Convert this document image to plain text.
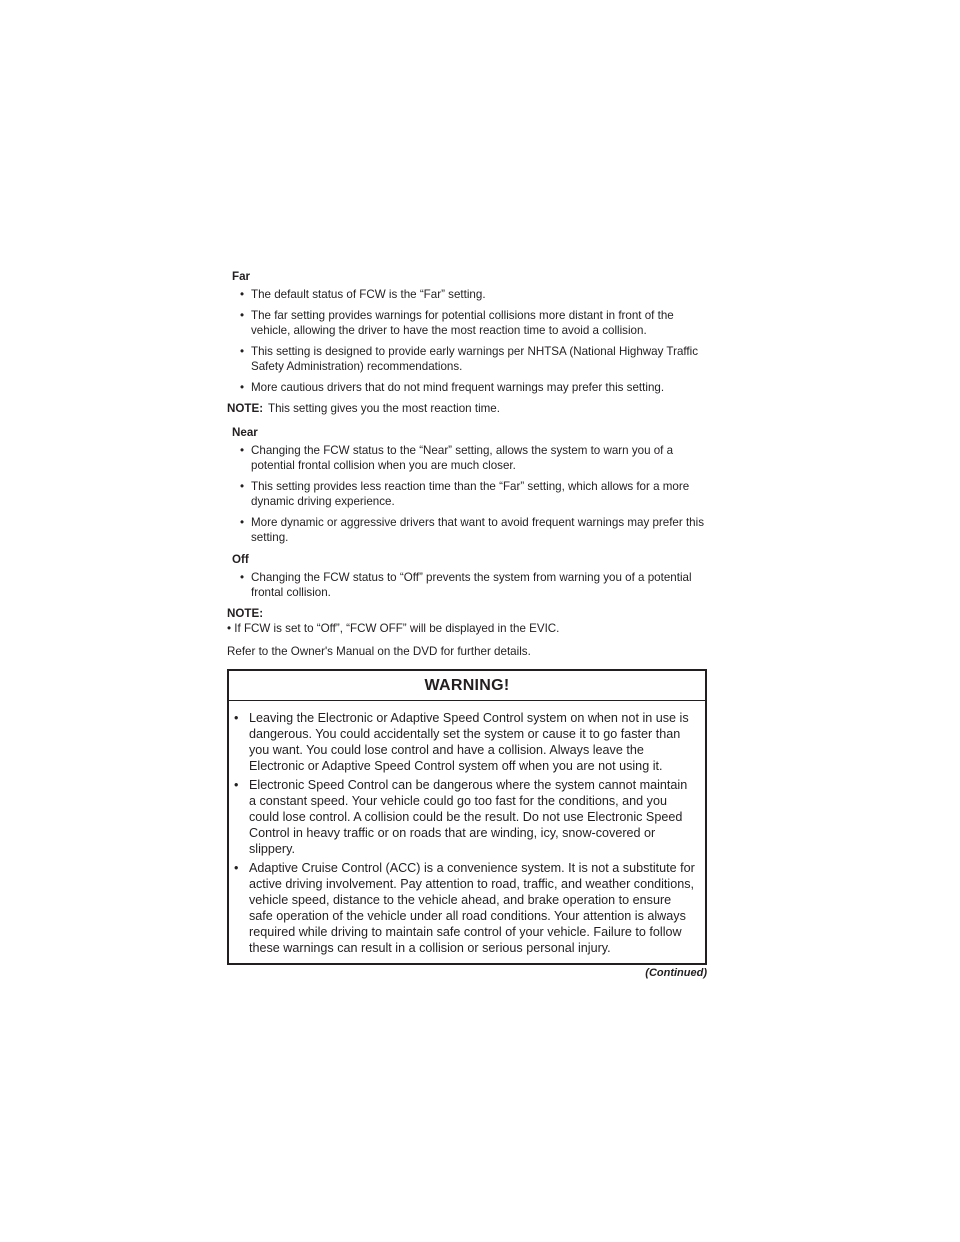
Far
• The default status of FCW is the “Far” setting.
• The far setting provides warnings for potential collisions more distant in front of the vehicle, allowing the driver to have the most reaction time to avoid a collision.
• This setting is designed to provide early warnings per NHTSA (National Highway Traffic Safety Administration) recommendations.
• More cautious drivers that do not mind frequent warnings may prefer this setting.
NOTE: This setting gives you the most reaction time.
Near
• Changing the FCW status to the “Near” setting, allows the system to warn you of a potential frontal collision when you are much closer.
• This setting provides less reaction time than the “Far” setting, which allows for a more dynamic driving experience.
• More dynamic or aggressive drivers that want to avoid frequent warnings may prefer this setting.
Off
• Changing the FCW status to “Off” prevents the system from warning you of a potential frontal collision.
NOTE:
• If FCW is set to “Off”, “FCW OFF” will be displayed in the EVIC.
Refer to the Owner's Manual on the DVD for further details.
WARNING!
• Leaving the Electronic or Adaptive Speed Control system on when not in use is dangerous. You could accidentally set the system or cause it to go faster than you want. You could lose control and have a collision. Always leave the Electronic or Adaptive Speed Control system off when you are not using it.
• Electronic Speed Control can be dangerous where the system cannot maintain a constant speed. Your vehicle could go too fast for the conditions, and you could lose control. A collision could be the result. Do not use Electronic Speed Control in heavy traffic or on roads that are winding, icy, snow-covered or slippery.
• Adaptive Cruise Control (ACC) is a convenience system. It is not a substitute for active driving involvement. Pay attention to road, traffic, and weather conditions, vehicle speed, distance to the vehicle ahead, and brake operation to ensure safe operation of the vehicle under all road conditions. Your attention is always required while driving to maintain safe control of your vehicle. Failure to follow these warnings can result in a collision or serious personal injury.
(Continued)
